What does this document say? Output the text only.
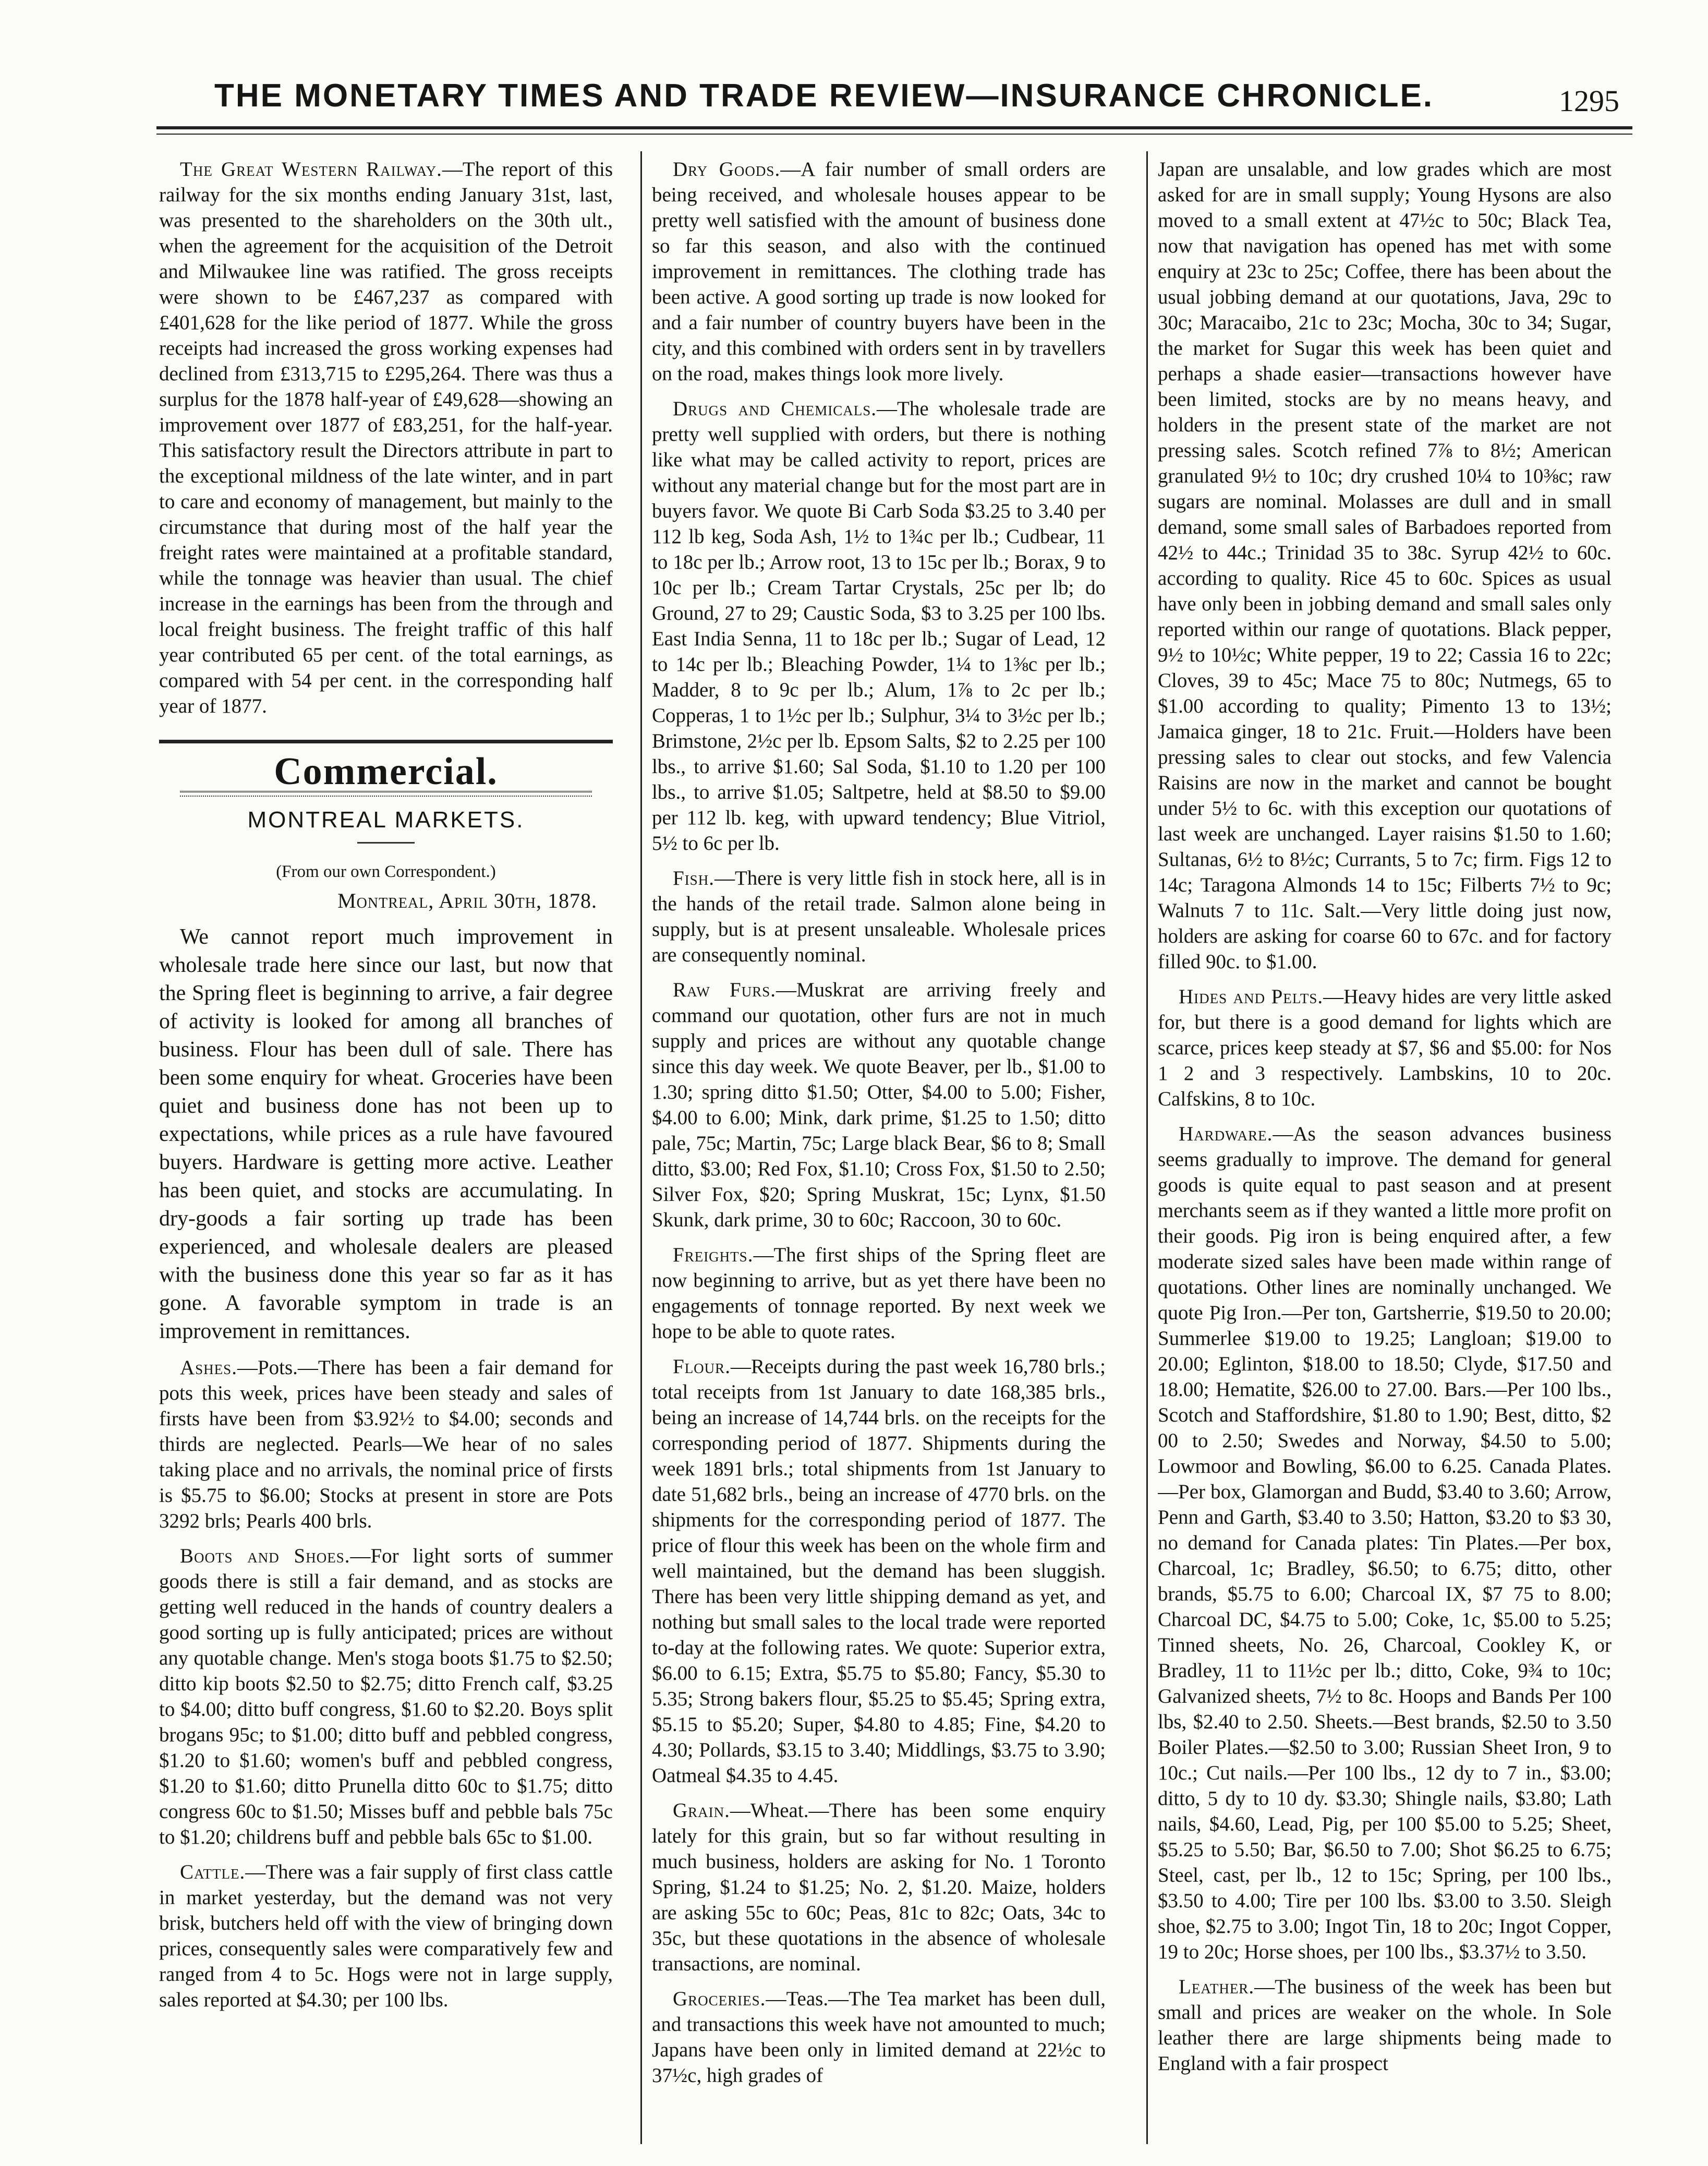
THE MONETARY TIMES AND TRADE REVIEW—INSURANCE CHRONICLE.	1295

The Great Western Railway.—The report of this railway for the six months ending January 31st, last, was presented to the shareholders on the 30th ult., when the agreement for the acquisition of the Detroit and Milwaukee line was ratified. The gross receipts were shown to be £467,237 as compared with £401,628 for the like period of 1877. While the gross receipts had increased the gross working expenses had declined from £313,715 to £295,264. There was thus a surplus for the 1878 half-year of £49,628—showing an improvement over 1877 of £83,251, for the half-year. This satisfactory result the Directors attribute in part to the exceptional mildness of the late winter, and in part to care and economy of management, but mainly to the circumstance that during most of the half year the freight rates were maintained at a profitable standard, while the tonnage was heavier than usual. The chief increase in the earnings has been from the through and local freight business. The freight traffic of this half year contributed 65 per cent. of the total earnings, as compared with 54 per cent. in the corresponding half year of 1877.

Commercial.
MONTREAL MARKETS.
(From our own Correspondent.)
Montreal, April 30th, 1878.

We cannot report much improvement in wholesale trade here since our last, but now that the Spring fleet is beginning to arrive, a fair degree of activity is looked for among all branches of business. Flour has been dull of sale. There has been some enquiry for wheat. Groceries have been quiet and business done has not been up to expectations, while prices as a rule have favoured buyers. Hardware is getting more active. Leather has been quiet, and stocks are accumulating. In dry-goods a fair sorting up trade has been experienced, and wholesale dealers are pleased with the business done this year so far as it has gone. A favorable symptom in trade is an improvement in remittances.

Ashes.—Pots.—There has been a fair demand for pots this week, prices have been steady and sales of firsts have been from $3.92½ to $4.00; seconds and thirds are neglected. Pearls—We hear of no sales taking place and no arrivals, the nominal price of firsts is $5.75 to $6.00; Stocks at present in store are Pots 3292 brls; Pearls 400 brls.

Boots and Shoes.—For light sorts of summer goods there is still a fair demand, and as stocks are getting well reduced in the hands of country dealers a good sorting up is fully anticipated; prices are without any quotable change. Men's stoga boots $1.75 to $2.50; ditto kip boots $2.50 to $2.75; ditto French calf, $3.25 to $4.00; ditto buff congress, $1.60 to $2.20. Boys split brogans 95c; to $1.00; ditto buff and pebbled congress, $1.20 to $1.60; women's buff and pebbled congress, $1.20 to $1.60; ditto Prunella ditto 60c to $1.75; ditto congress 60c to $1.50; Misses buff and pebble bals 75c to $1.20; childrens buff and pebble bals 65c to $1.00.

Cattle.—There was a fair supply of first class cattle in market yesterday, but the demand was not very brisk, butchers held off with the view of bringing down prices, consequently sales were comparatively few and ranged from 4 to 5c. Hogs were not in large supply, sales reported at $4.30; per 100 lbs.

Dry Goods.—A fair number of small orders are being received, and wholesale houses appear to be pretty well satisfied with the amount of business done so far this season, and also with the continued improvement in remittances. The clothing trade has been active. A good sorting up trade is now looked for and a fair number of country buyers have been in the city, and this combined with orders sent in by travellers on the road, makes things look more lively.

Drugs and Chemicals.—The wholesale trade are pretty well supplied with orders, but there is nothing like what may be called activity to report, prices are without any material change but for the most part are in buyers favor. We quote Bi Carb Soda $3.25 to 3.40 per 112 lb keg, Soda Ash, 1½ to 1¾c per lb.; Cudbear, 11 to 18c per lb.; Arrow root, 13 to 15c per lb.; Borax, 9 to 10c per lb.; Cream Tartar Crystals, 25c per lb; do Ground, 27 to 29; Caustic Soda, $3 to 3.25 per 100 lbs. East India Senna, 11 to 18c per lb.; Sugar of Lead, 12 to 14c per lb.; Bleaching Powder, 1¼ to 1⅜c per lb.; Madder, 8 to 9c per lb.; Alum, 1⅞ to 2c per lb.; Copperas, 1 to 1½c per lb.; Sulphur, 3¼ to 3½c per lb.; Brimstone, 2½c per lb. Epsom Salts, $2 to 2.25 per 100 lbs., to arrive $1.60; Sal Soda, $1.10 to 1.20 per 100 lbs., to arrive $1.05; Saltpetre, held at $8.50 to $9.00 per 112 lb. keg, with upward tendency; Blue Vitriol, 5½ to 6c per lb.

Fish.—There is very little fish in stock here, all is in the hands of the retail trade. Salmon alone being in supply, but is at present unsaleable. Wholesale prices are consequently nominal.

Raw Furs.—Muskrat are arriving freely and command our quotation, other furs are not in much supply and prices are without any quotable change since this day week. We quote Beaver, per lb., $1.00 to 1.30; spring ditto $1.50; Otter, $4.00 to 5.00; Fisher, $4.00 to 6.00; Mink, dark prime, $1.25 to 1.50; ditto pale, 75c; Martin, 75c; Large black Bear, $6 to 8; Small ditto, $3.00; Red Fox, $1.10; Cross Fox, $1.50 to 2.50; Silver Fox, $20; Spring Muskrat, 15c; Lynx, $1.50 Skunk, dark prime, 30 to 60c; Raccoon, 30 to 60c.

Freights.—The first ships of the Spring fleet are now beginning to arrive, but as yet there have been no engagements of tonnage reported. By next week we hope to be able to quote rates.

Flour.—Receipts during the past week 16,780 brls.; total receipts from 1st January to date 168,385 brls., being an increase of 14,744 brls. on the receipts for the corresponding period of 1877. Shipments during the week 1891 brls.; total shipments from 1st January to date 51,682 brls., being an increase of 4770 brls. on the shipments for the corresponding period of 1877. The price of flour this week has been on the whole firm and well maintained, but the demand has been sluggish. There has been very little shipping demand as yet, and nothing but small sales to the local trade were reported to-day at the following rates. We quote: Superior extra, $6.00 to 6.15; Extra, $5.75 to $5.80; Fancy, $5.30 to 5.35; Strong bakers flour, $5.25 to $5.45; Spring extra, $5.15 to $5.20; Super, $4.80 to 4.85; Fine, $4.20 to 4.30; Pollards, $3.15 to 3.40; Middlings, $3.75 to 3.90; Oatmeal $4.35 to 4.45.

Grain.—Wheat.—There has been some enquiry lately for this grain, but so far without resulting in much business, holders are asking for No. 1 Toronto Spring, $1.24 to $1.25; No. 2, $1.20. Maize, holders are asking 55c to 60c; Peas, 81c to 82c; Oats, 34c to 35c, but these quotations in the absence of wholesale transactions, are nominal.

Groceries.—Teas.—The Tea market has been dull, and transactions this week have not amounted to much; Japans have been only in limited demand at 22½c to 37½c, high grades of

Japan are unsalable, and low grades which are most asked for are in small supply; Young Hysons are also moved to a small extent at 47½c to 50c; Black Tea, now that navigation has opened has met with some enquiry at 23c to 25c; Coffee, there has been about the usual jobbing demand at our quotations, Java, 29c to 30c; Maracaibo, 21c to 23c; Mocha, 30c to 34; Sugar, the market for Sugar this week has been quiet and perhaps a shade easier—transactions however have been limited, stocks are by no means heavy, and holders in the present state of the market are not pressing sales. Scotch refined 7⅞ to 8½; American granulated 9½ to 10c; dry crushed 10¼ to 10⅜c; raw sugars are nominal. Molasses are dull and in small demand, some small sales of Barbadoes reported from 42½ to 44c.; Trinidad 35 to 38c. Syrup 42½ to 60c. according to quality. Rice 45 to 60c. Spices as usual have only been in jobbing demand and small sales only reported within our range of quotations. Black pepper, 9½ to 10½c; White pepper, 19 to 22; Cassia 16 to 22c; Cloves, 39 to 45c; Mace 75 to 80c; Nutmegs, 65 to $1.00 according to quality; Pimento 13 to 13½; Jamaica ginger, 18 to 21c. Fruit.—Holders have been pressing sales to clear out stocks, and few Valencia Raisins are now in the market and cannot be bought under 5½ to 6c. with this exception our quotations of last week are unchanged. Layer raisins $1.50 to 1.60; Sultanas, 6½ to 8½c; Currants, 5 to 7c; firm. Figs 12 to 14c; Taragona Almonds 14 to 15c; Filberts 7½ to 9c; Walnuts 7 to 11c. Salt.—Very little doing just now, holders are asking for coarse 60 to 67c. and for factory filled 90c. to $1.00.

Hides and Pelts.—Heavy hides are very little asked for, but there is a good demand for lights which are scarce, prices keep steady at $7, $6 and $5.00: for Nos 1 2 and 3 respectively. Lambskins, 10 to 20c. Calfskins, 8 to 10c.

Hardware.—As the season advances business seems gradually to improve. The demand for general goods is quite equal to past season and at present merchants seem as if they wanted a little more profit on their goods. Pig iron is being enquired after, a few moderate sized sales have been made within range of quotations. Other lines are nominally unchanged. We quote Pig Iron.—Per ton, Gartsherrie, $19.50 to 20.00; Summerlee $19.00 to 19.25; Langloan; $19.00 to 20.00; Eglinton, $18.00 to 18.50; Clyde, $17.50 and 18.00; Hematite, $26.00 to 27.00. Bars.—Per 100 lbs., Scotch and Staffordshire, $1.80 to 1.90; Best, ditto, $2 00 to 2.50; Swedes and Norway, $4.50 to 5.00; Lowmoor and Bowling, $6.00 to 6.25. Canada Plates.—Per box, Glamorgan and Budd, $3.40 to 3.60; Arrow, Penn and Garth, $3.40 to 3.50; Hatton, $3.20 to $3 30, no demand for Canada plates: Tin Plates.—Per box, Charcoal, 1c; Bradley, $6.50; to 6.75; ditto, other brands, $5.75 to 6.00; Charcoal IX, $7 75 to 8.00; Charcoal DC, $4.75 to 5.00; Coke, 1c, $5.00 to 5.25; Tinned sheets, No. 26, Charcoal, Cookley K, or Bradley, 11 to 11½c per lb.; ditto, Coke, 9¾ to 10c; Galvanized sheets, 7½ to 8c. Hoops and Bands Per 100 lbs, $2.40 to 2.50. Sheets.—Best brands, $2.50 to 3.50 Boiler Plates.—$2.50 to 3.00; Russian Sheet Iron, 9 to 10c.; Cut nails.—Per 100 lbs., 12 dy to 7 in., $3.00; ditto, 5 dy to 10 dy. $3.30; Shingle nails, $3.80; Lath nails, $4.60, Lead, Pig, per 100 $5.00 to 5.25; Sheet, $5.25 to 5.50; Bar, $6.50 to 7.00; Shot $6.25 to 6.75; Steel, cast, per lb., 12 to 15c; Spring, per 100 lbs., $3.50 to 4.00; Tire per 100 lbs. $3.00 to 3.50. Sleigh shoe, $2.75 to 3.00; Ingot Tin, 18 to 20c; Ingot Copper, 19 to 20c; Horse shoes, per 100 lbs., $3.37½ to 3.50.

Leather.—The business of the week has been but small and prices are weaker on the whole. In Sole leather there are large shipments being made to England with a fair prospect
